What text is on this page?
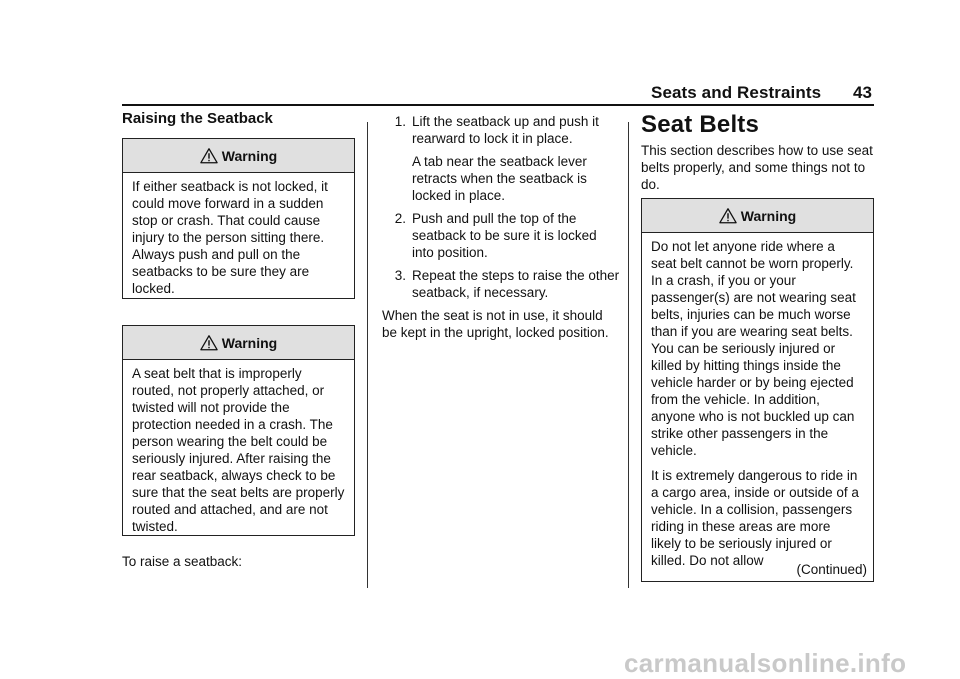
Seats and Restraints 43
Raising the Seatback
Warning

If either seatback is not locked, it could move forward in a sudden stop or crash. That could cause injury to the person sitting there. Always push and pull on the seatbacks to be sure they are locked.

Warning

A seat belt that is improperly routed, not properly attached, or twisted will not provide the protection needed in a crash. The person wearing the belt could be seriously injured. After raising the rear seatback, always check to be sure that the seat belts are properly routed and attached, and are not twisted.

To raise a seatback:

1. Lift the seatback up and push it rearward to lock it in place.

A tab near the seatback lever retracts when the seatback is locked in place.

2. Push and pull the top of the seatback to be sure it is locked into position.

3. Repeat the steps to raise the other seatback, if necessary.

When the seat is not in use, it should be kept in the upright, locked position.

Seat Belts

This section describes how to use seat belts properly, and some things not to do.

Warning

Do not let anyone ride where a seat belt cannot be worn properly. In a crash, if you or your passenger(s) are not wearing seat belts, injuries can be much worse than if you are wearing seat belts. You can be seriously injured or killed by hitting things inside the vehicle harder or by being ejected from the vehicle. In addition, anyone who is not buckled up can strike other passengers in the vehicle.

It is extremely dangerous to ride in a cargo area, inside or outside of a vehicle. In a collision, passengers riding in these areas are more likely to be seriously injured or killed. Do not allow

(Continued)
carmanualsonline.info
